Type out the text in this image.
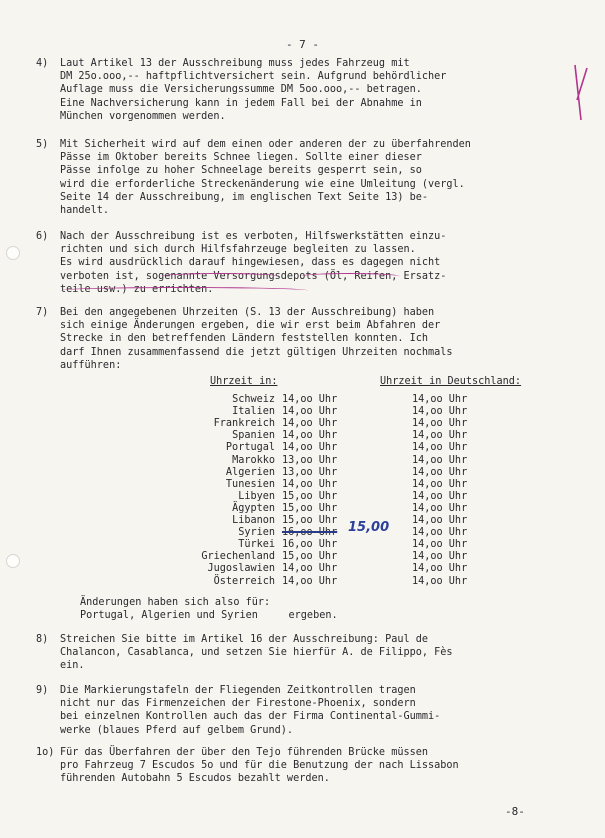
- 7 -
4) Laut Artikel 13 der Ausschreibung muss jedes Fahrzeug mit
DM 25o.ooo,-- haftpflichtversichert sein. Aufgrund behördlicher
Auflage muss die Versicherungssumme DM 5oo.ooo,-- betragen.
Eine Nachversicherung kann in jedem Fall bei der Abnahme in
München vorgenommen werden.
5) Mit Sicherheit wird auf dem einen oder anderen der zu überfahrenden
Pässe im Oktober bereits Schnee liegen. Sollte einer dieser
Pässe infolge zu hoher Schneelage bereits gesperrt sein, so
wird die erforderliche Streckenänderung wie eine Umleitung (vergl.
Seite 14 der Ausschreibung, im englischen Text Seite 13) be-
handelt.
6) Nach der Ausschreibung ist es verboten, Hilfswerkstätten einzu-
richten und sich durch Hilfsfahrzeuge begleiten zu lassen.
Es wird ausdrücklich darauf hingewiesen, dass es dagegen nicht
verboten ist, sogenannte Versorgungsdepots (Öl, Reifen, Ersatz-
teile usw.) zu errichten.
7) Bei den angegebenen Uhrzeiten (S. 13 der Ausschreibung) haben
sich einige Änderungen ergeben, die wir erst beim Abfahren der
Strecke in den betreffenden Ländern feststellen konnten. Ich
darf Ihnen zusammenfassend die jetzt gültigen Uhrzeiten nochmals
aufführen:
Uhrzeit in:	Uhrzeit in Deutschland:
Schweiz 14,oo Uhr	14,oo Uhr
Italien 14,oo Uhr	14,oo Uhr
Frankreich 14,oo Uhr	14,oo Uhr
Spanien 14,oo Uhr	14,oo Uhr
Portugal 14,oo Uhr	14,oo Uhr
Marokko 13,oo Uhr	14,oo Uhr
Algerien 13,oo Uhr	14,oo Uhr
Tunesien 14,oo Uhr	14,oo Uhr
Libyen 15,oo Uhr	14,oo Uhr
Ägypten 15,oo Uhr	14,oo Uhr
Libanon 15,oo Uhr	14,oo Uhr
Syrien 16,oo Uhr	14,oo Uhr
15,00
Türkei 16,oo Uhr	14,oo Uhr
Griechenland 15,oo Uhr	14,oo Uhr
Jugoslawien 14,oo Uhr	14,oo Uhr
Österreich 14,oo Uhr	14,oo Uhr
Änderungen haben sich also für:
Portugal, Algerien und Syrien     ergeben.
8) Streichen Sie bitte im Artikel 16 der Ausschreibung: Paul de
Chalancon, Casablanca, und setzen Sie hierfür A. de Filippo, Fès
ein.
9) Die Markierungstafeln der Fliegenden Zeitkontrollen tragen
nicht nur das Firmenzeichen der Firestone-Phoenix, sondern
bei einzelnen Kontrollen auch das der Firma Continental-Gummi-
werke (blaues Pferd auf gelbem Grund).
1o) Für das Überfahren der über den Tejo führenden Brücke müssen
pro Fahrzeug 7 Escudos 5o und für die Benutzung der nach Lissabon
führenden Autobahn 5 Escudos bezahlt werden.
-8-
